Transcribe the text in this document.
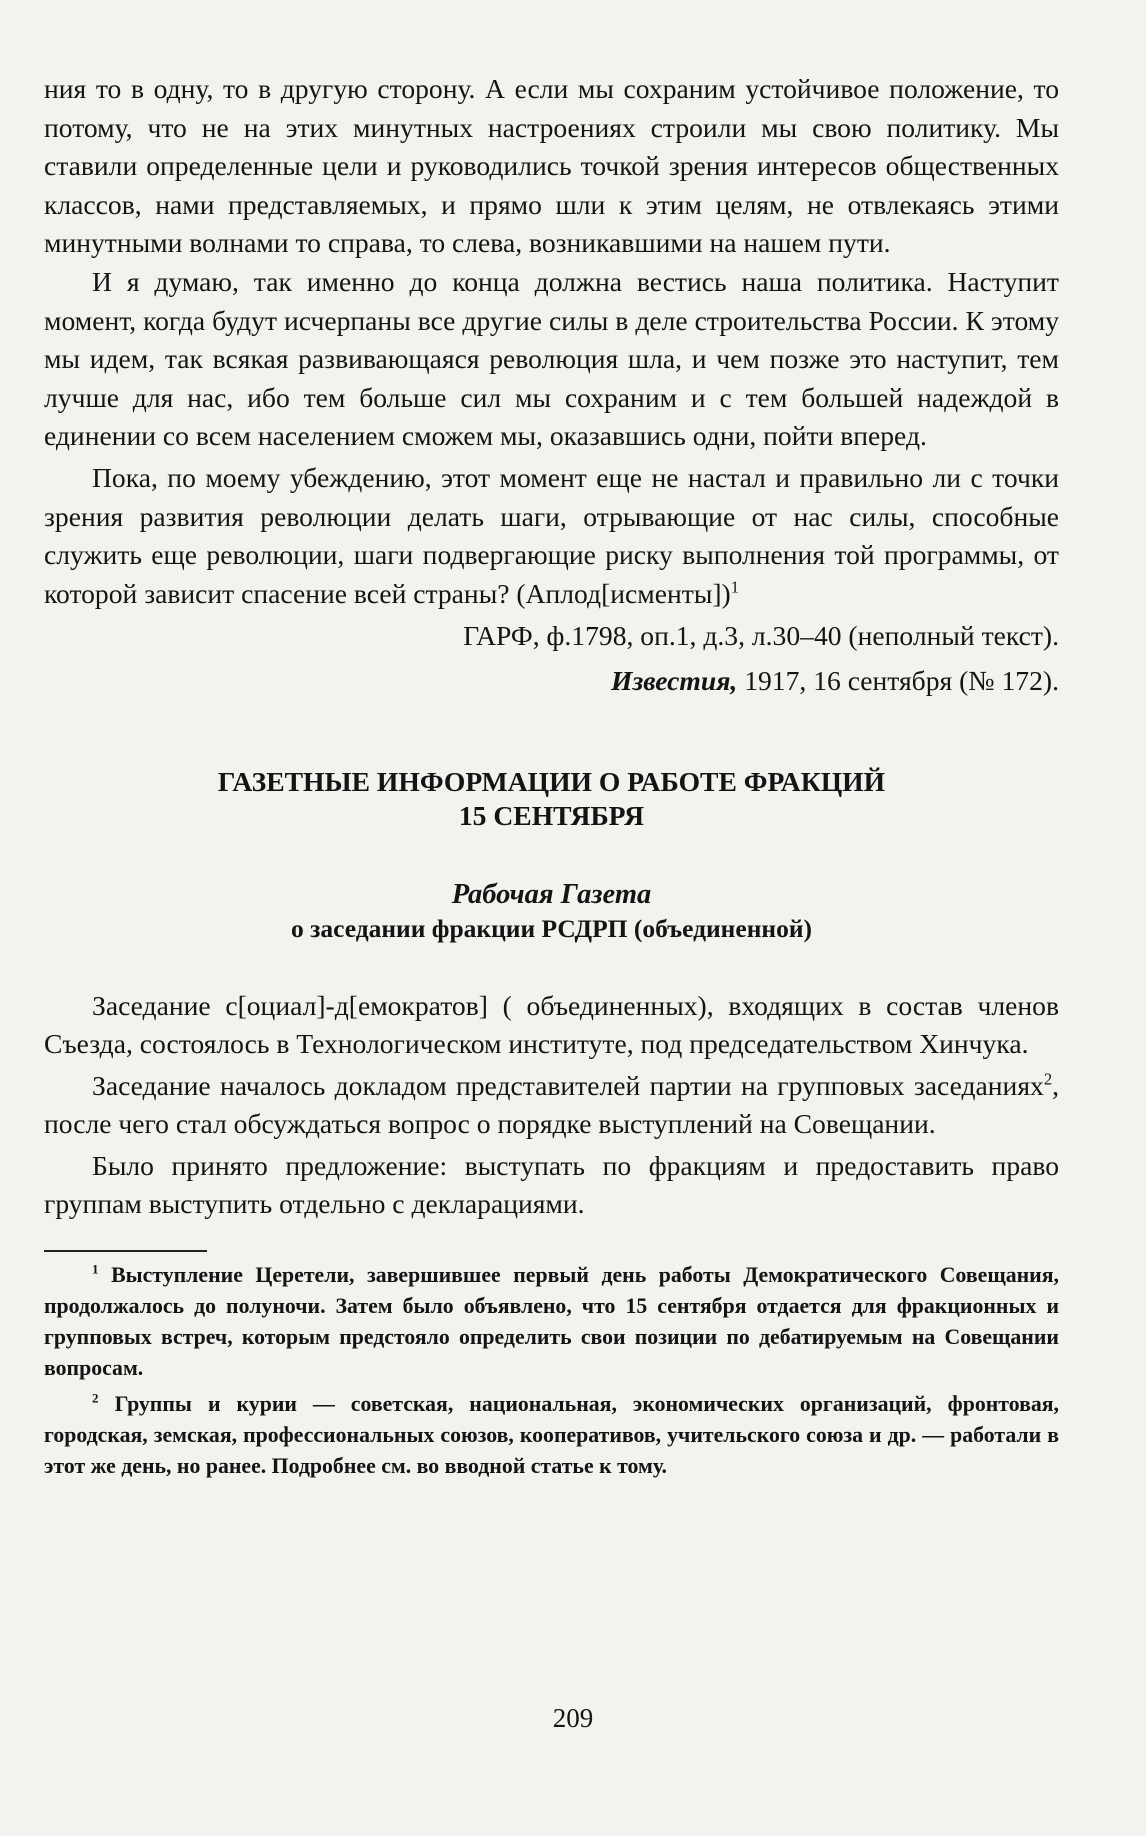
ния то в одну, то в другую сторону. А если мы сохраним устойчивое положение, то потому, что не на этих минутных настроениях строили мы свою политику. Мы ставили определенные цели и руководились точкой зрения интересов общественных классов, нами представляемых, и прямо шли к этим целям, не отвлекаясь этими минутными волнами то справа, то слева, возникавшими на нашем пути.

И я думаю, так именно до конца должна вестись наша политика. Наступит момент, когда будут исчерпаны все другие силы в деле строительства России. К этому мы идем, так всякая развивающаяся революция шла, и чем позже это наступит, тем лучше для нас, ибо тем больше сил мы сохраним и с тем большей надеждой в единении со всем населением сможем мы, оказавшись одни, пойти вперед.

Пока, по моему убеждению, этот момент еще не настал и правильно ли с точки зрения развития революции делать шаги, отрывающие от нас силы, способные служить еще революции, шаги подвергающие риску выполнения той программы, от которой зависит спасение всей страны? (Аплод[исменты])$^1$

ГАРФ, ф.1798, оп.1, д.3, л.30–40 (неполный текст).

Известия, 1917, 16 сентября (№ 172).

ГАЗЕТНЫЕ ИНФОРМАЦИИ О РАБОТЕ ФРАКЦИЙ
15 СЕНТЯБРЯ
Рабочая Газета
о заседании фракции РСДРП (объединенной)

Заседание с[оциал]-д[емократов] ( объединенных), входящих в состав членов Съезда, состоялось в Технологическом институте, под председательством Хинчука.

Заседание началось докладом представителей партии на групповых заседаниях$^2$, после чего стал обсуждаться вопрос о порядке выступлений на Совещании.

Было принято предложение: выступать по фракциям и предоставить право группам выступить отдельно с декларациями.

$^1$ Выступление Церетели, завершившее первый день работы Демократического Совещания, продолжалось до полуночи. Затем было объявлено, что 15 сентября отдается для фракционных и групповых встреч, которым предстояло определить свои позиции по дебатируемым на Совещании вопросам.

$^2$ Группы и курии — советская, национальная, экономических организаций, фронтовая, городская, земская, профессиональных союзов, кооперативов, учительского союза и др. — работали в этот же день, но ранее. Подробнее см. во вводной статье к тому.

209
